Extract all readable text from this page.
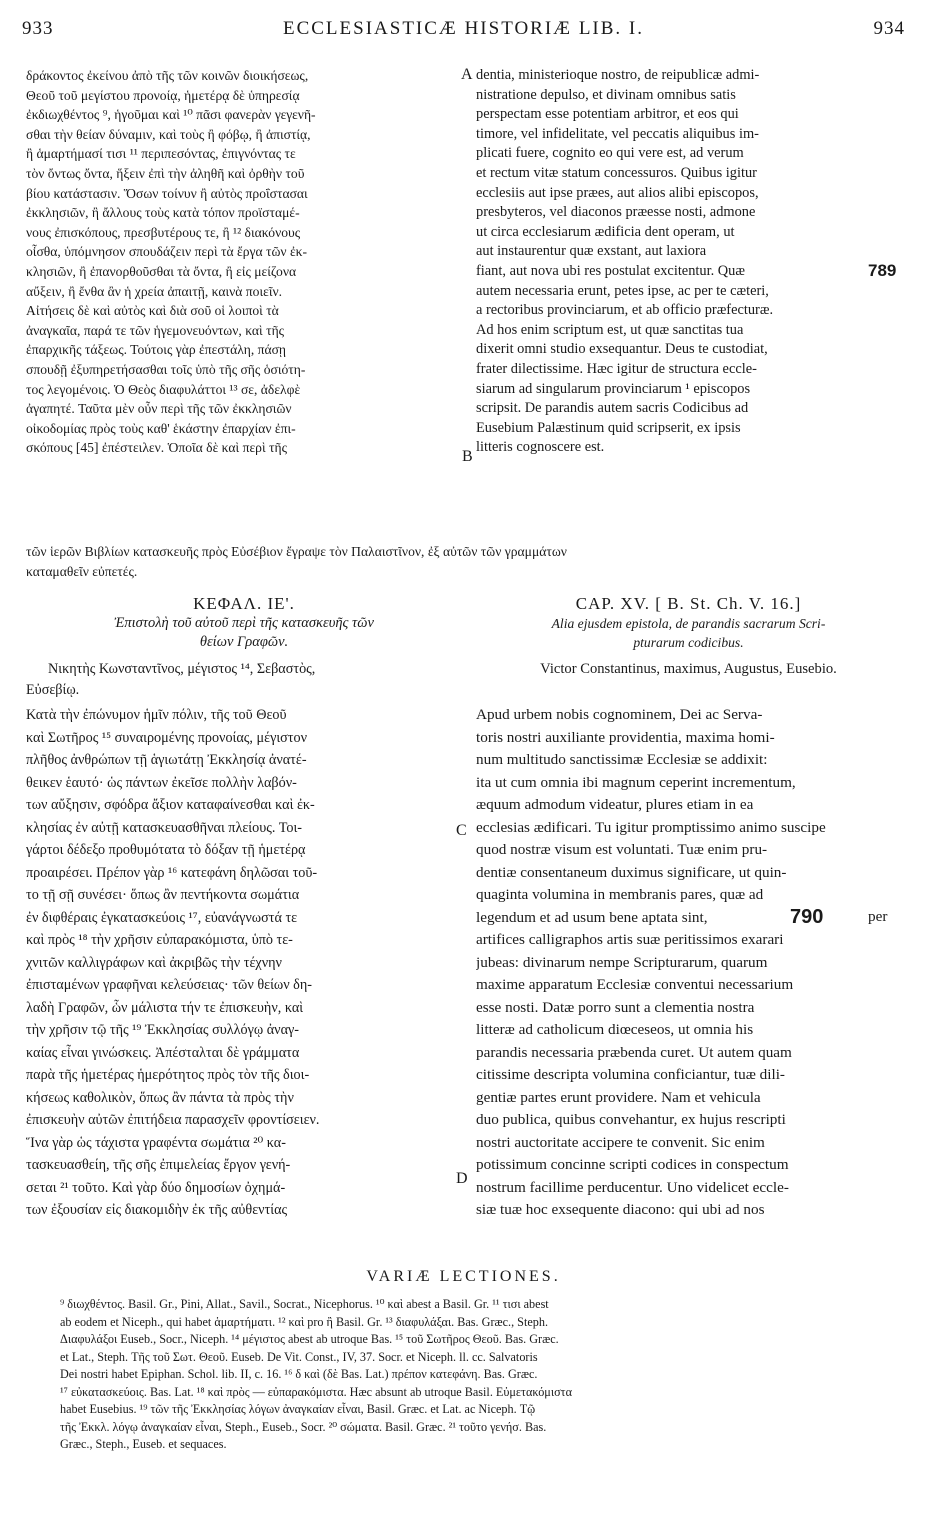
933	ECCLESIASTICÆ HISTORIÆ LIB. I.	934
δράκοντος ἐκείνου ἀπὸ τῆς τῶν κοινῶν διοικήσεως,
Θεοῦ τοῦ μεγίστου προνοίᾳ, ἡμετέρᾳ δὲ ὑπηρεσίᾳ
ἐκδιωχθέντος ⁹, ἡγοῦμαι καὶ ¹⁰ πᾶσι φανερὰν γεγενῆ-
σθαι τὴν θείαν δύναμιν, καὶ τοὺς ἢ φόβῳ, ἢ ἀπιστίᾳ,
ἢ ἁμαρτήμασί τισι ¹¹ περιπεσόντας, ἐπιγνόντας τε
τὸν ὄντως ὄντα, ἥξειν ἐπὶ τὴν ἀληθῆ καὶ ὀρθὴν τοῦ
βίου κατάστασιν. Ὅσων τοίνυν ἢ αὐτὸς προΐστασαι
ἐκκλησιῶν, ἢ ἄλλους τοὺς κατὰ τόπον προϊσταμέ-
νους ἐπισκόπους, πρεσβυτέρους τε, ἢ ¹² διακόνους
οἶσθα, ὑπόμνησον σπουδάζειν περὶ τὰ ἔργα τῶν ἐκ-
κλησιῶν, ἢ ἐπανορθοῦσθαι τὰ ὄντα, ἢ εἰς μείζονα
αὔξειν, ἢ ἔνθα ἂν ἡ χρεία ἀπαιτῇ, καινὰ ποιεῖν.
Αἰτήσεις δὲ καὶ αὐτὸς καὶ διὰ σοῦ οἱ λοιποὶ τὰ
ἀναγκαῖα, παρά τε τῶν ἡγεμονευόντων, καὶ τῆς
ἐπαρχικῆς τάξεως. Τούτοις γὰρ ἐπεστάλη, πάσῃ
σπουδῇ ἐξυπηρετήσασθαι τοῖς ὑπὸ τῆς σῆς ὁσιότη-
τος λεγομένοις. Ὁ Θεὸς διαφυλάττοι ¹³ σε, ἀδελφὲ
ἀγαπητέ. Ταῦτα μὲν οὖν περὶ τῆς τῶν ἐκκλησιῶν
οἰκοδομίας πρὸς τοὺς καθ' ἑκάστην ἐπαρχίαν ἐπι-
σκόπους [45] ἐπέστειλεν. Ὁποῖα δὲ καὶ περὶ τῆς
dentia, ministerioque nostro, de reipublicæ admi-
nistratione depulso, et divinam omnibus satis
perspectam esse potentiam arbitror, et eos qui
timore, vel infidelitate, vel peccatis aliquibus im-
plicati fuere, cognito eo qui vere est, ad verum
et rectum vitæ statum concessuros. Quibus igitur
ecclesiis aut ipse præes, aut alios alibi episcopos,
presbyteros, vel diaconos præesse nosti, admone
ut circa ecclesiarum ædificia dent operam, ut
aut instaurentur quæ exstant, aut laxiora
fiant, aut nova ubi res postulat excitentur. Quæ
autem necessaria erunt, petes ipse, ac per te cæteri,
a rectoribus provinciarum, et ab officio præfecturæ.
Ad hos enim scriptum est, ut quæ sanctitas tua
dixerit omni studio exsequantur. Deus te custodiat,
frater dilectissime. Hæc igitur de structura eccle-
siarum ad singularum provinciarum ¹ episcopos
scripsit. De parandis autem sacris Codicibus ad
Eusebium Palæstinum quid scripserit, ex ipsis
litteris cognoscere est.
A
B
789
τῶν ἱερῶν Βιβλίων κατασκευῆς πρὸς Εὐσέβιον ἔγραψε τὸν Παλαιστῖνον, ἐξ αὐτῶν τῶν γραμμάτων
καταμαθεῖν εὐπετές.
ΚΕΦΑΛ. ΙΕ'.
Ἐπιστολὴ τοῦ αὐτοῦ περὶ τῆς κατασκευῆς τῶν
θείων Γραφῶν.
Νικητὴς Κωνσταντῖνος, μέγιστος ¹⁴, Σεβαστὸς,
Εὐσεβίῳ.
CAP. XV. [ B. St. Ch. V. 16.]
Alia ejusdem epistola, de parandis sacrarum Scri-
pturarum codicibus.
Victor Constantinus, maximus, Augustus, Eusebio.
Κατὰ τὴν ἐπώνυμον ἡμῖν πόλιν, τῆς τοῦ Θεοῦ
καὶ Σωτῆρος ¹⁵ συναιρομένης προνοίας, μέγιστον
πλῆθος ἀνθρώπων τῇ ἁγιωτάτῃ Ἐκκλησίᾳ ἀνατέ-
θεικεν ἑαυτό· ὡς πάντων ἐκεῖσε πολλὴν λαβόν-
των αὔξησιν, σφόδρα ἄξιον καταφαίνεσθαι καὶ ἐκ-
κλησίας ἐν αὐτῇ κατασκευασθῆναι πλείους. Τοι-
γάρτοι δέδεξο προθυμότατα τὸ δόξαν τῇ ἡμετέρᾳ
προαιρέσει. Πρέπον γὰρ ¹⁶ κατεφάνη δηλῶσαι τοῦ-
το τῇ σῇ συνέσει· ὅπως ἂν πεντήκοντα σωμάτια
ἐν διφθέραις ἐγκατασκεύοις ¹⁷, εὐανάγνωστά τε
καὶ πρὸς ¹⁸ τὴν χρῆσιν εὐπαρακόμιστα, ὑπὸ τε-
χνιτῶν καλλιγράφων καὶ ἀκριβῶς τὴν τέχνην
ἐπισταμένων γραφῆναι κελεύσειας· τῶν θείων δη-
λαδὴ Γραφῶν, ὧν μάλιστα τήν τε ἐπισκευὴν, καὶ
τὴν χρῆσιν τῷ τῆς ¹⁹ Ἐκκλησίας συλλόγῳ ἀναγ-
καίας εἶναι γινώσκεις. Ἀπέσταλται δὲ γράμματα
παρὰ τῆς ἡμετέρας ἡμερότητος πρὸς τὸν τῆς διοι-
κήσεως καθολικὸν, ὅπως ἂν πάντα τὰ πρὸς τὴν
ἐπισκευὴν αὐτῶν ἐπιτήδεια παρασχεῖν φροντίσειεν.
Ἵνα γὰρ ὡς τάχιστα γραφέντα σωμάτια ²⁰ κα-
τασκευασθείη, τῆς σῆς ἐπιμελείας ἔργον γενή-
σεται ²¹ τοῦτο. Καὶ γὰρ δύο δημοσίων ὀχημά-
των ἐξουσίαν εἰς διακομιδὴν ἐκ τῆς αὐθεντίας
Apud urbem nobis cognominem, Dei ac Serva-
toris nostri auxiliante providentia, maxima homi-
num multitudo sanctissimæ Ecclesiæ se addixit:
ita ut cum omnia ibi magnum ceperint incrementum,
æquum admodum videatur, plures etiam in ea
ecclesias ædificari. Tu igitur promptissimo animo suscipe
quod nostræ visum est voluntati. Tuæ enim pru-
dentiæ consentaneum duximus significare, ut quin-
quaginta volumina in membranis pares, quæ ad
legendum et ad usum bene aptata sint,
artifices calligraphos artis suæ peritissimos exarari
jubeas: divinarum nempe Scripturarum, quarum
maxime apparatum Ecclesiæ conventui necessarium
esse nosti. Datæ porro sunt a clementia nostra
litteræ ad catholicum diœceseos, ut omnia his
parandis necessaria præbenda curet. Ut autem quam
citissime descripta volumina conficiantur, tuæ dili-
gentiæ partes erunt providere. Nam et vehicula
duo publica, quibus convehantur, ex hujus rescripti
nostri auctoritate accipere te convenit. Sic enim
potissimum concinne scripti codices in conspectum
nostrum facillime perducentur. Uno videlicet eccle-
siæ tuæ hoc exsequente diacono: qui ubi ad nos
C
D
790	per
VARIÆ LECTIONES.
⁹ διωχθέντος. Basil. Gr., Pini, Allat., Savil., Socrat., Nicephorus. ¹⁰ καὶ abest a Basil. Gr. ¹¹ τισι abest
ab eodem et Niceph., qui habet ἁμαρτήματι. ¹² καὶ pro ἢ Basil. Gr. ¹³ διαφυλάξαι. Bas. Græc., Steph.
Διαφυλάξοι Euseb., Socr., Niceph. ¹⁴ μέγιστος abest ab utroque Bas. ¹⁵ τοῦ Σωτῆρος Θεοῦ. Bas. Græc.
et Lat., Steph. Τῆς τοῦ Σωτ. Θεοῦ. Euseb. De Vit. Const., IV, 37. Socr. et Niceph. ll. cc. Salvatoris
Dei nostri habet Epiphan. Schol. lib. II, c. 16. ¹⁶ δ καὶ (δὲ Bas. Lat.) πρέπον κατεφάνη. Bas. Græc.
¹⁷ εὐκατασκεύοις. Bas. Lat. ¹⁸ καὶ πρὸς — εὐπαρακόμιστα. Hæc absunt ab utroque Basil. Εὐμετακόμιστα
habet Eusebius. ¹⁹ τῶν τῆς Ἐκκλησίας λόγων ἀναγκαίαν εἶναι, Basil. Græc. et Lat. ac Niceph. Τῷ
τῆς Ἐκκλ. λόγῳ ἀναγκαίαν εἶναι, Steph., Euseb., Socr. ²⁰ σώματα. Basil. Græc. ²¹ τοῦτο γενήσ. Bas.
Græc., Steph., Euseb. et sequaces.
